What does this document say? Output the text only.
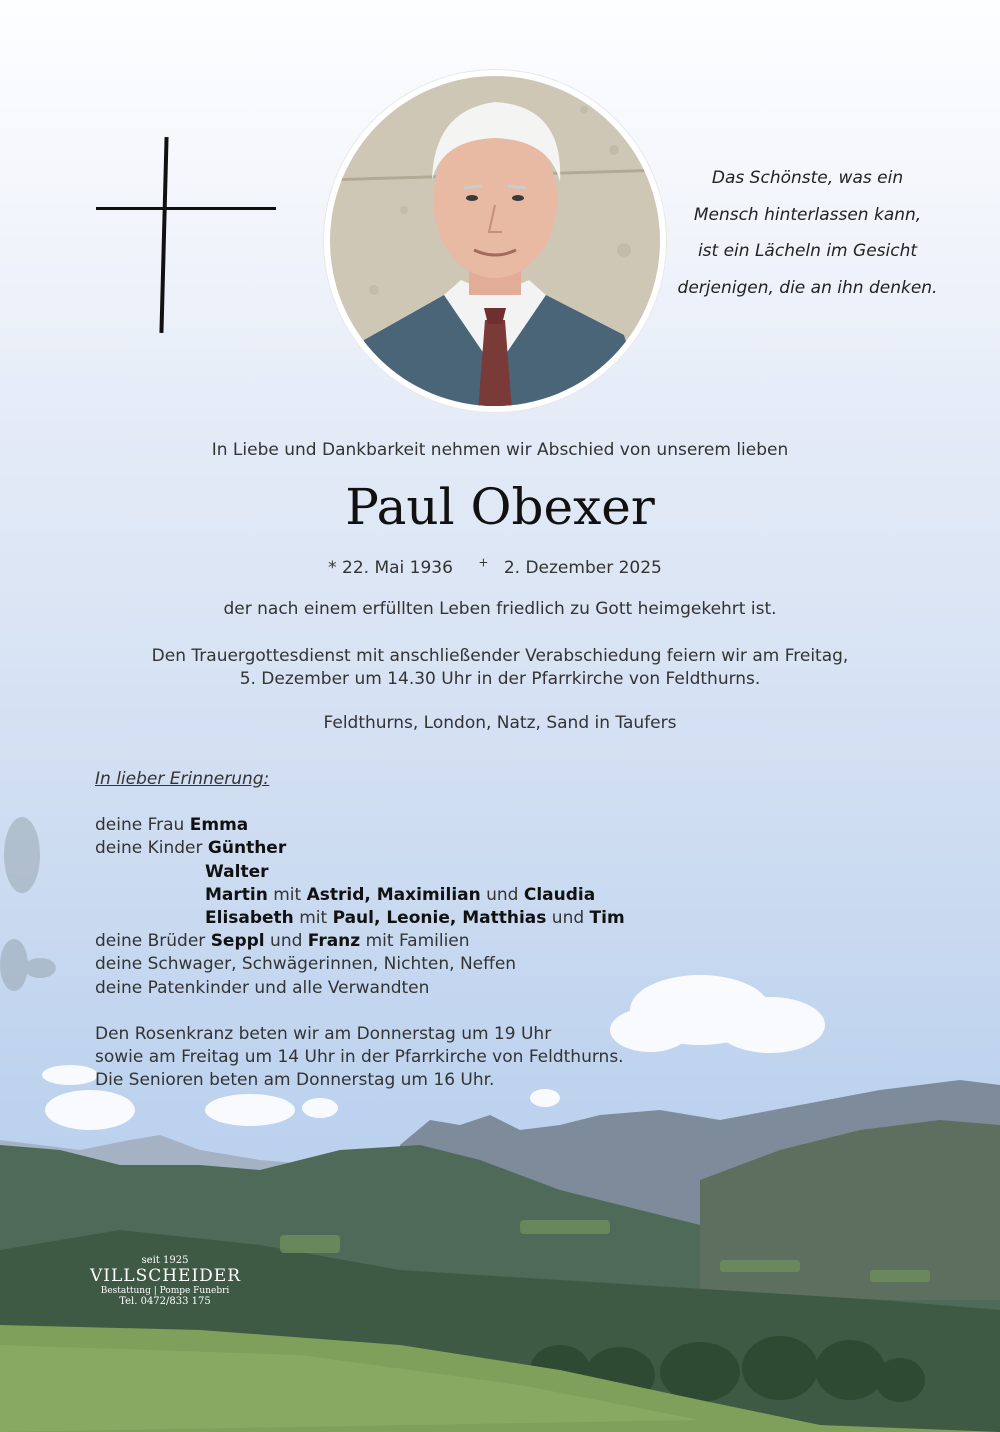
Das Schönste, was ein
Mensch hinterlassen kann,
ist ein Lächeln im Gesicht
derjenigen, die an ihn denken.
In Liebe und Dankbarkeit nehmen wir Abschied von unserem lieben
Paul Obexer
* 22. Mai 1936 + 2. Dezember 2025
der nach einem erfüllten Leben friedlich zu Gott heimgekehrt ist.
Den Trauergottesdienst mit anschließender Verabschiedung feiern wir am Freitag,
5. Dezember um 14.30 Uhr in der Pfarrkirche von Feldthurns.
Feldthurns, London, Natz, Sand in Taufers
In lieber Erinnerung:
deine Frau Emma
deine Kinder Günther
Walter
Martin mit Astrid, Maximilian und Claudia
Elisabeth mit Paul, Leonie, Matthias und Tim
deine Brüder Seppl und Franz mit Familien
deine Schwager, Schwägerinnen, Nichten, Neffen
deine Patenkinder und alle Verwandten
Den Rosenkranz beten wir am Donnerstag um 19 Uhr
sowie am Freitag um 14 Uhr in der Pfarrkirche von Feldthurns.
Die Senioren beten am Donnerstag um 16 Uhr.
seit 1925
VILLSCHEIDER
Bestattung | Pompe Funebri
Tel. 0472/833 175
